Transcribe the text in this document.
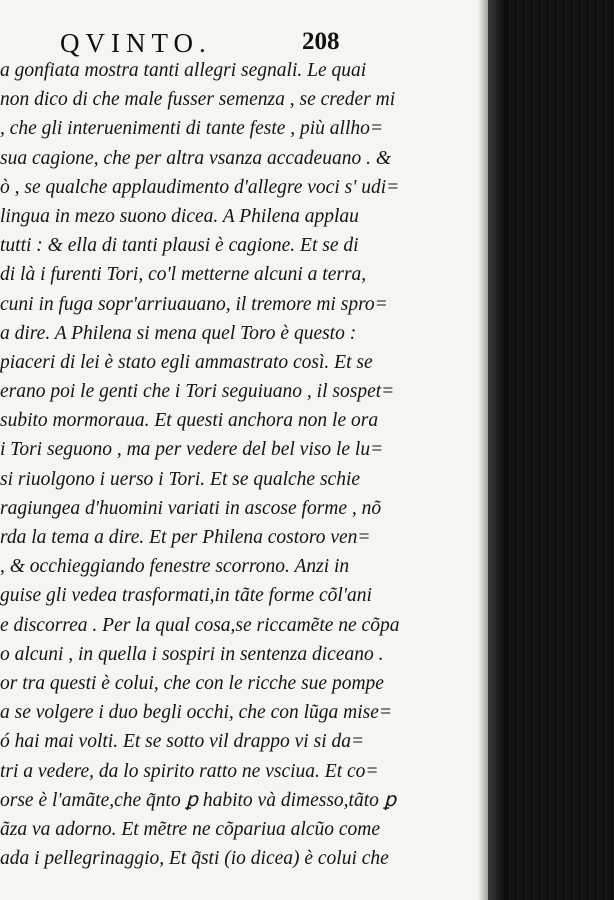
QVINTO.	208
a gonfiata mostra tanti allegri segnali. Le quai
non dico di che male fusser semenza , se creder mi
, che gli interuenimenti di tante feste , più allho=
sua cagione, che per altra vsanza accadeuano . &
ò , se qualche applaudimento d'allegre voci s' udi=
lingua in mezo suono dicea. A Philena applau
tutti : & ella di tanti plausi è cagione. Et se di
di là i furenti Tori, co'l metterne alcuni a terra,
cuni in fuga sopr'arriuauano, il tremore mi spro=
a dire. A Philena si mena quel Toro è questo :
piaceri di lei è stato egli ammastrato così. Et se
erano poi le genti che i Tori seguiuano , il sospet=
subito mormoraua. Et questi anchora non le ora
i Tori seguono , ma per vedere del bel viso le lu=
si riuolgono i uerso i Tori. Et se qualche schie
ragiungea d'huomini variati in ascose forme , nõ
rda la tema a dire. Et per Philena costoro ven=
, & occhieggiando fenestre scorrono. Anzi in
guise gli vedea trasformati,in tãte forme cõl'ani
e discorrea . Per la qual cosa,se riccamẽte ne cõpa
o alcuni , in quella i sospiri in sentenza diceano .
or tra questi è colui, che con le ricche sue pompe
a se volgere i duo begli occhi, che con lũga mise=
ó hai mai volti. Et se sotto vil drappo vi si da=
tri a vedere, da lo spirito ratto ne vsciua. Et co=
orse è l'amãte,che q̃nto ꝑ habito và dimesso,tãto ꝑ
ãza va adorno. Et mẽtre ne cõpariua alcũo come
ada i pellegrinaggio, Et q̃sti (io dicea) è colui che
